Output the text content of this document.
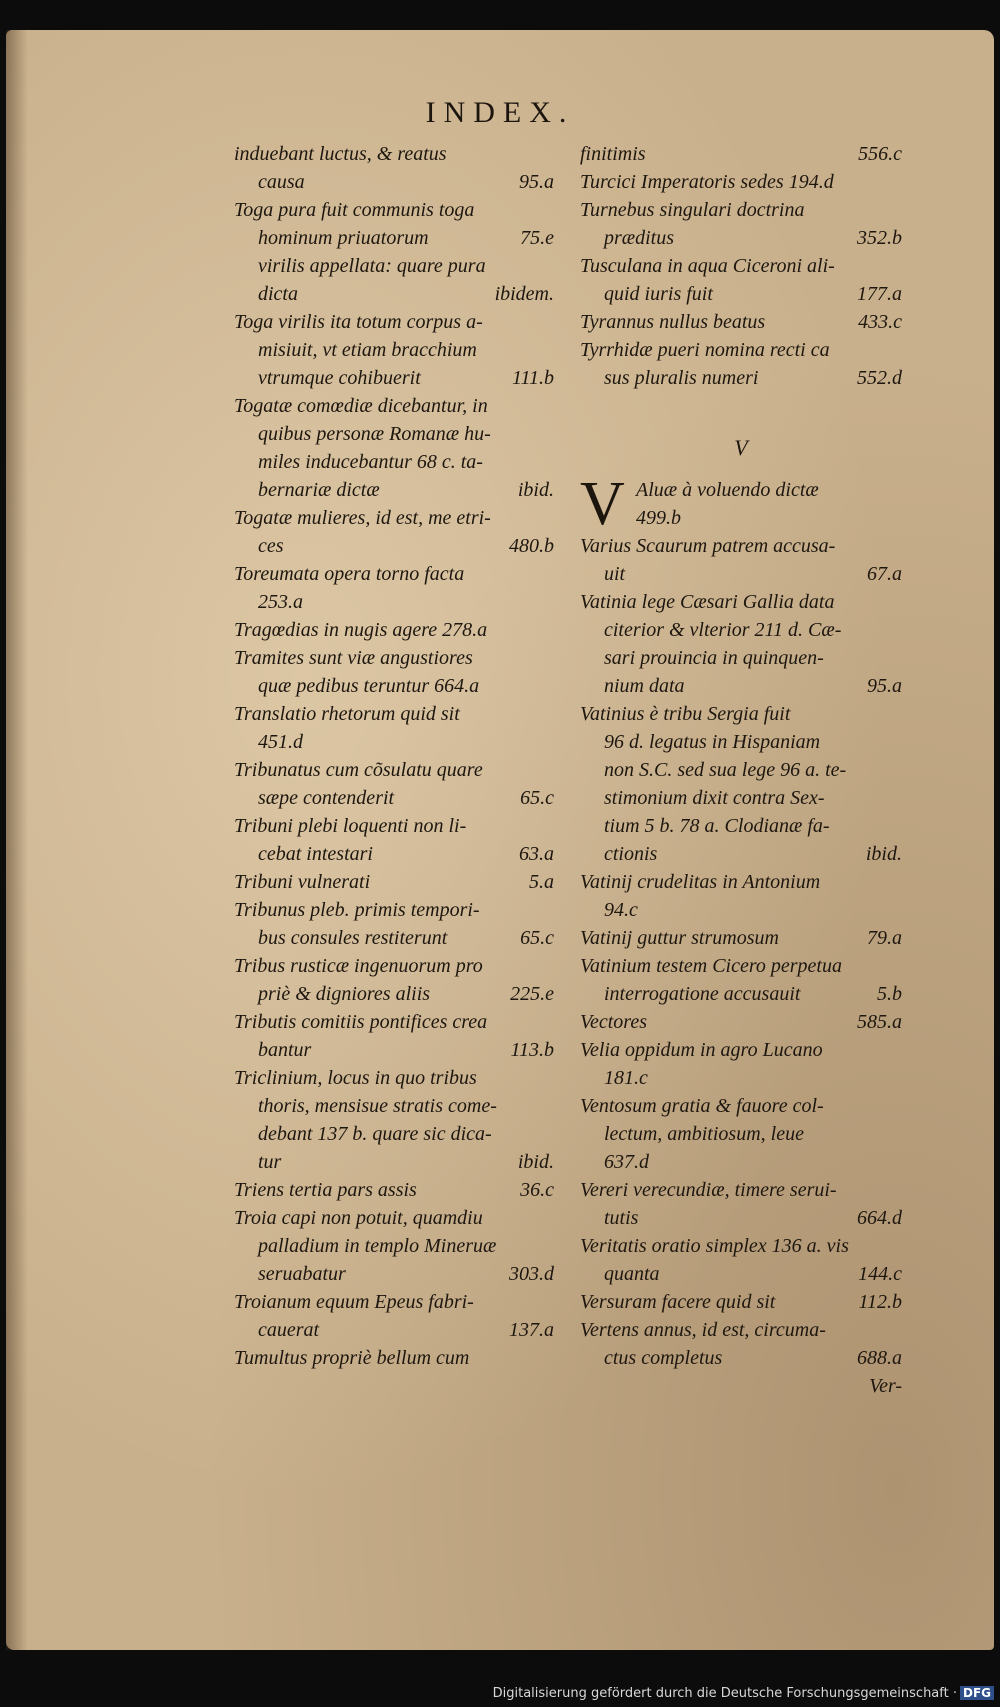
INDEX.
induebant luctus, & reatus
causa	95.a
Toga pura fuit communis toga
hominum priuatorum	75.e
virilis appellata: quare pura
dicta	ibidem.
Toga virilis ita totum corpus a-
misiuit, vt etiam bracchium
vtrumque cohibuerit	111.b
Togatæ comœdiæ dicebantur, in
quibus personæ Romanæ hu-
miles inducebantur 68 c. ta-
bernariæ dictæ	ibid.
Togatæ mulieres, id est, me etri-
ces	480.b
Toreumata opera torno facta
253.a
Tragœdias in nugis agere 278.a
Tramites sunt viæ angustiores
quæ pedibus teruntur 664.a
Translatio rhetorum quid sit
451.d
Tribunatus cum cõsulatu quare
sæpe contenderit	65.c
Tribuni plebi loquenti non li-
cebat intestari	63.a
Tribuni vulnerati	5.a
Tribunus pleb. primis tempori-
bus consules restiterunt	65.c
Tribus rusticæ ingenuorum pro
priè & digniores aliis	225.e
Tributis comitiis pontifices crea
bantur	113.b
Triclinium, locus in quo tribus
thoris, mensisue stratis come-
debant 137 b. quare sic dica-
tur	ibid.
Triens tertia pars assis	36.c
Troia capi non potuit, quamdiu
palladium in templo Mineruæ
seruabatur	303.d
Troianum equum Epeus fabri-
cauerat	137.a
Tumultus propriè bellum cum
finitimis	556.c
Turcici Imperatoris sedes 194.d
Turnebus singulari doctrina
præditus	352.b
Tusculana in aqua Ciceroni ali-
quid iuris fuit	177.a
Tyrannus nullus beatus	433.c
Tyrrhidæ pueri nomina recti ca
sus pluralis numeri	552.d
V
V Aluæ à voluendo dictæ
499.b
Varius Scaurum patrem accusa-
uit	67.a
Vatinia lege Cæsari Gallia data
citerior & vlterior 211 d. Cæ-
sari prouincia in quinquen-
nium data	95.a
Vatinius è tribu Sergia fuit
96 d. legatus in Hispaniam
non S.C. sed sua lege 96 a. te-
stimonium dixit contra Sex-
tium 5 b. 78 a. Clodianæ fa-
ctionis	ibid.
Vatinij crudelitas in Antonium
94.c
Vatinij guttur strumosum	79.a
Vatinium testem Cicero perpetua
interrogatione accusauit	5.b
Vectores	585.a
Velia oppidum in agro Lucano
181.c
Ventosum gratia & fauore col-
lectum, ambitiosum, leue
637.d
Vereri verecundiæ, timere serui-
tutis	664.d
Veritatis oratio simplex 136 a. vis
quanta	144.c
Versuram facere quid sit	112.b
Vertens annus, id est, circuma-
ctus completus	688.a
Ver-
Digitalisierung gefördert durch die Deutsche Forschungsgemeinschaft · DFG
